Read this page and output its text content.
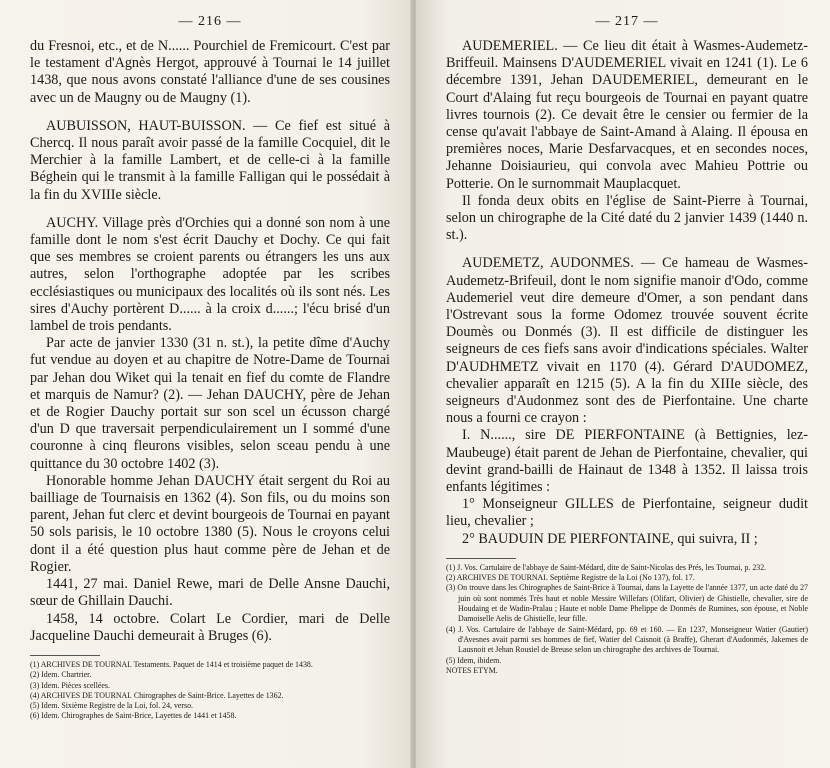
— 216 —

du Fresnoi, etc., et de N...... Pourchiel de Fremicourt. C'est par le testament d'Agnès Hergot, approuvé à Tournai le 14 juillet 1438, que nous avons constaté l'alliance d'une de ses cousines avec un de Maugny ou de Maugny (1).

AUBUISSON, HAUT-BUISSON. — Ce fief est situé à Chercq. Il nous paraît avoir passé de la famille Cocquiel, dit le Merchier à la famille Lambert, et de celle-ci à la famille Béghein qui le transmit à la famille Falligan qui le possédait à la fin du XVIIIe siècle.

AUCHY. Village près d'Orchies qui a donné son nom à une famille dont le nom s'est écrit Dauchy et Dochy. Ce qui fait que ses membres se croient parents ou étrangers les uns aux autres, selon l'orthographe adoptée par les scribes ecclésiastiques ou municipaux des localités où ils sont nés. Les sires d'Auchy portèrent D...... à la croix d......; l'écu brisé d'un lambel de trois pendants.

Par acte de janvier 1330 (31 n. st.), la petite dîme d'Auchy fut vendue au doyen et au chapitre de Notre-Dame de Tournai par Jehan dou Wiket qui la tenait en fief du comte de Flandre et marquis de Namur? (2). — Jehan DAUCHY, père de Jehan et de Rogier Dauchy portait sur son scel un écusson chargé d'un D que traversait perpendiculairement un I sommé d'une couronne à cinq fleurons visibles, selon sceau pendu à une quittance du 30 octobre 1402 (3).

Honorable homme Jehan DAUCHY était sergent du Roi au bailliage de Tournaisis en 1362 (4). Son fils, ou du moins son parent, Jehan fut clerc et devint bourgeois de Tournai en payant 50 sols parisis, le 10 octobre 1380 (5). Nous le croyons celui dont il a été question plus haut comme père de Jehan et de Rogier.

1441, 27 mai. Daniel Rewe, mari de Delle Ansne Dauchi, sœur de Ghillain Dauchi.

1458, 14 octobre. Colart Le Cordier, mari de Delle Jacqueline Dauchi demeurait à Bruges (6).

(1) ARCHIVES DE TOURNAI. Testaments. Paquet de 1414 et troisième paquet de 1438.

(2) Idem. Chartrier.

(3) Idem. Pièces scellées.

(4) ARCHIVES DE TOURNAI. Chirographes de Saint-Brice. Layettes de 1362.

(5) Idem. Sixième Registre de la Loi, fol. 24, verso.

(6) Idem. Chirographes de Saint-Brice, Layettes de 1441 et 1458.

— 217 —

AUDEMERIEL. — Ce lieu dit était à Wasmes-Audemetz-Briffeuil. Mainsens D'AUDEMERIEL vivait en 1241 (1). Le 6 décembre 1391, Jehan DAUDEMERIEL, demeurant en le Court d'Alaing fut reçu bourgeois de Tournai en payant quatre livres tournois (2). Ce devait être le censier ou fermier de la cense qu'avait l'abbaye de Saint-Amand à Alaing. Il épousa en premières noces, Marie Desfarvacques, et en secondes noces, Jehanne Doisiaurieu, qui convola avec Mahieu Pottrie ou Potterie. On le surnommait Mauplacquet.

Il fonda deux obits en l'église de Saint-Pierre à Tournai, selon un chirographe de la Cité daté du 2 janvier 1439 (1440 n. st.).

AUDEMETZ, AUDONMES. — Ce hameau de Wasmes-Audemetz-Brifeuil, dont le nom signifie manoir d'Odo, comme Audemeriel veut dire demeure d'Omer, a son pendant dans l'Ostrevant sous la forme Odomez trouvée souvent écrite Doumès ou Donmés (3). Il est difficile de distinguer les seigneurs de ces fiefs sans avoir d'indications spéciales. Walter D'AUDHMETZ vivait en 1170 (4). Gérard D'AUDOMEZ, chevalier apparaît en 1215 (5). A la fin du XIIIe siècle, des seigneurs d'Audonmez sont des de Pierfontaine. Une charte nous a fourni ce crayon :

I. N......, sire DE PIERFONTAINE (à Bettignies, lez-Maubeuge) était parent de Jehan de Pierfontaine, chevalier, qui devint grand-bailli de Hainaut de 1348 à 1352. Il laissa trois enfants légitimes :

1° Monseigneur GILLES de Pierfontaine, seigneur dudit lieu, chevalier ;

2° BAUDUIN DE PIERFONTAINE, qui suivra, II ;

(1) J. Vos. Cartulaire de l'abbaye de Saint-Médard, dite de Saint-Nicolas des Prés, les Tournai, p. 232.

(2) ARCHIVES DE TOURNAI. Septième Registre de la Loi (No 137), fol. 17.

(3) On trouve dans les Chirographes de Saint-Brice à Tournai, dans la Layette de l'année 1377, un acte daté du 27 juin où sont nommés Très haut et noble Messire Willefars (Olifart, Olivier) de Ghistielle, chevalier, sire de Houdaing et de Wadin-Pralau ; Haute et noble Dame Phelippe de Donmés de Rumines, son épouse, et Noble Damoiselle Aelis de Ghistielle, leur fille.

(4) J. Vos. Cartulaire de l'abbaye de Saint-Médard, pp. 69 et 160. — En 1237, Monseigneur Watier (Gautier) d'Avesnes avait parmi ses hommes de fief, Watier del Caisnoit (à Braffe), Gherart d'Audonmés, Jakemes de Lausnoit et Jehan Rousiel de Breuse selon un chirographe des archives de Tournai.

(5) Idem, ibidem.

NOTES ETYM.
